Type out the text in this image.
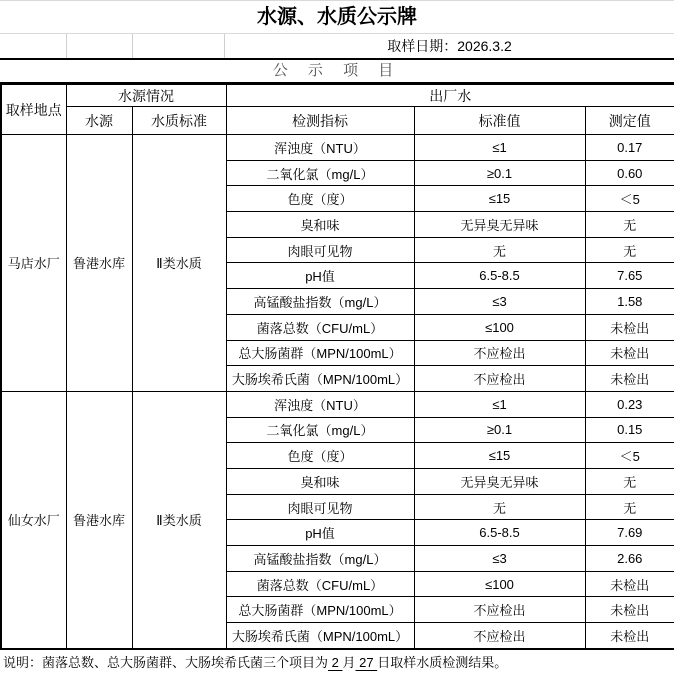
水源、水质公示牌
取样日期：2026.3.2
公 示 项 目
取样地点	水源情况		出厂水		
	水源	水质标准	检测指标	标准值	测定值
马店水厂	鲁港水库	Ⅱ类水质	浑浊度（NTU）	≤1	0.17
			二氧化氯（mg/L）	≥0.1	0.60
			色度（度）	≤15	＜5
			臭和味	无异臭无异味	无
			肉眼可见物	无	无
			pH值	6.5-8.5	7.65
			高锰酸盐指数（mg/L）	≤3	1.58
			菌落总数（CFU/mL）	≤100	未检出
			总大肠菌群（MPN/100mL）	不应检出	未检出
			大肠埃希氏菌（MPN/100mL）	不应检出	未检出
仙女水厂	鲁港水库	Ⅱ类水质	浑浊度（NTU）	≤1	0.23
			二氧化氯（mg/L）	≥0.1	0.15
			色度（度）	≤15	＜5
			臭和味	无异臭无异味	无
			肉眼可见物	无	无
			pH值	6.5-8.5	7.69
			高锰酸盐指数（mg/L）	≤3	2.66
			菌落总数（CFU/mL）	≤100	未检出
			总大肠菌群（MPN/100mL）	不应检出	未检出
			大肠埃希氏菌（MPN/100mL）	不应检出	未检出
说明：菌落总数、总大肠菌群、大肠埃希氏菌三个项目为 2 月 27 日取样水质检测结果。
